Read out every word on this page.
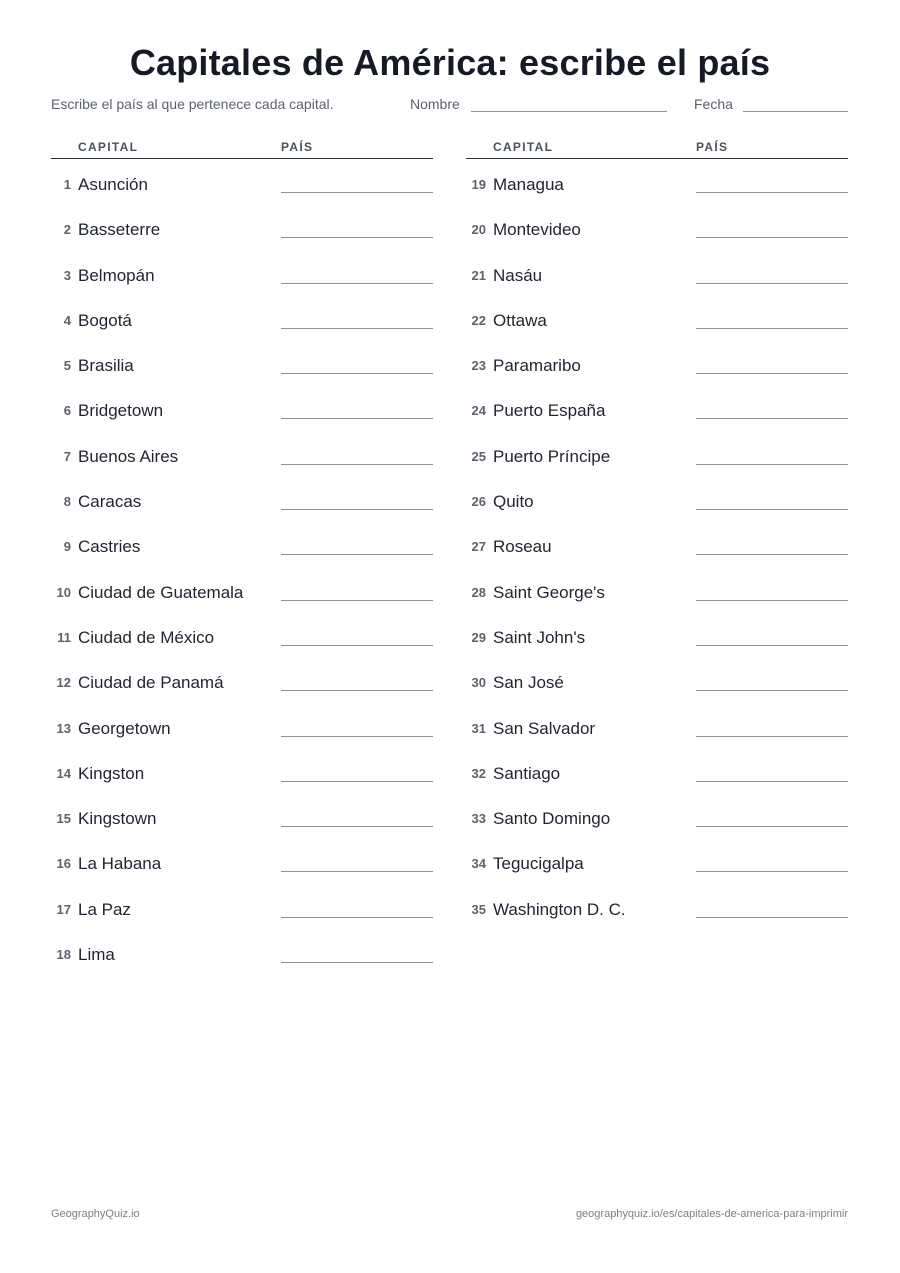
Capitales de América: escribe el país
Escribe el país al que pertenece cada capital.	Nombre	Fecha
CAPITAL	PAÍS
1 Asunción
2 Basseterre
3 Belmopán
4 Bogotá
5 Brasilia
6 Bridgetown
7 Buenos Aires
8 Caracas
9 Castries
10 Ciudad de Guatemala
11 Ciudad de México
12 Ciudad de Panamá
13 Georgetown
14 Kingston
15 Kingstown
16 La Habana
17 La Paz
18 Lima
CAPITAL	PAÍS
19 Managua
20 Montevideo
21 Nasáu
22 Ottawa
23 Paramaribo
24 Puerto España
25 Puerto Príncipe
26 Quito
27 Roseau
28 Saint George's
29 Saint John's
30 San José
31 San Salvador
32 Santiago
33 Santo Domingo
34 Tegucigalpa
35 Washington D. C.
GeographyQuiz.io	geographyquiz.io/es/capitales-de-america-para-imprimir
